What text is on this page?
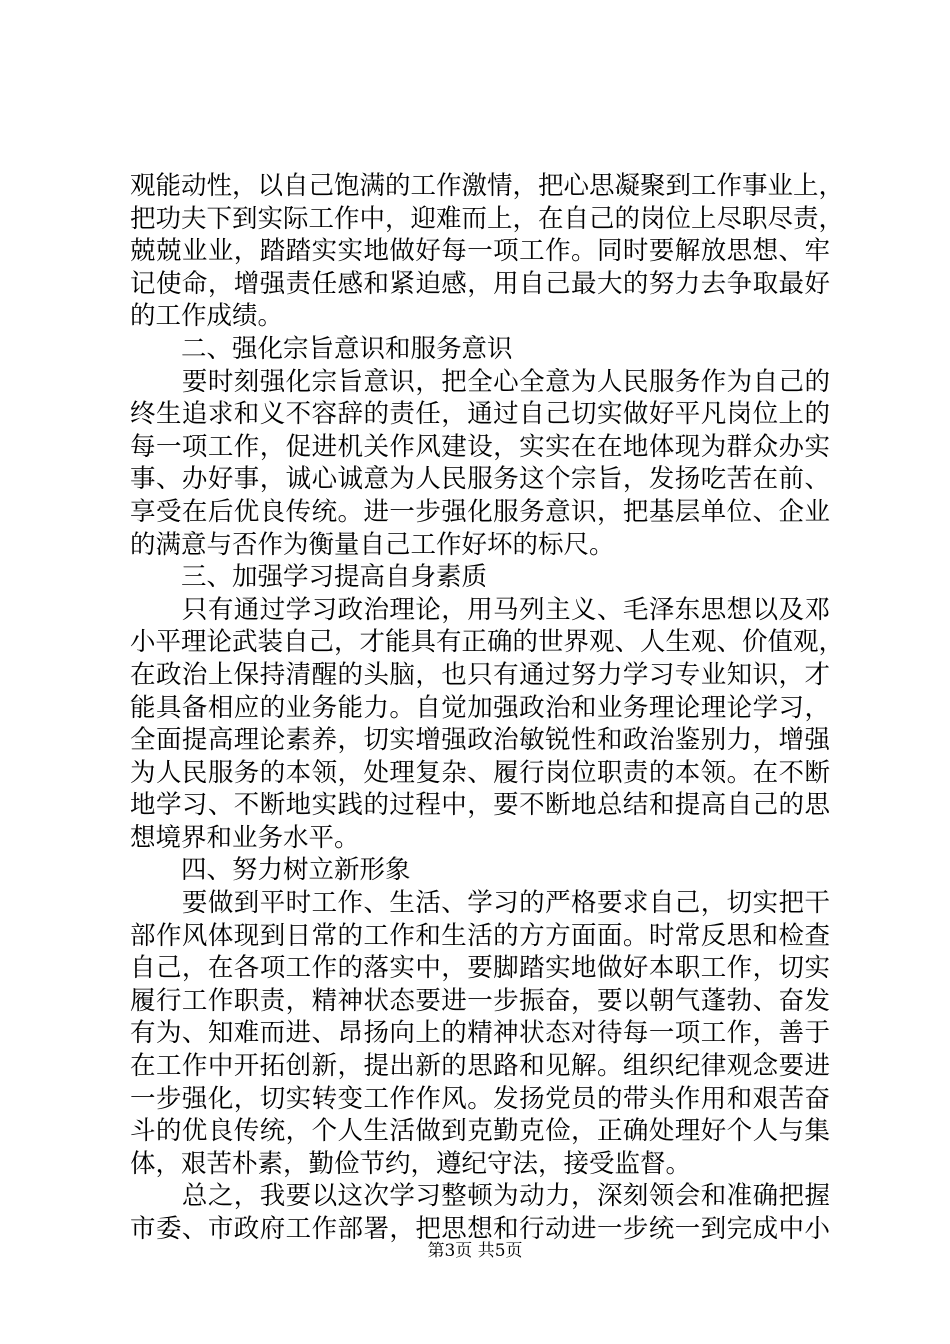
观能动性，以自己饱满的工作激情，把心思凝聚到工作事业上，
把功夫下到实际工作中，迎难而上，在自己的岗位上尽职尽责，
兢兢业业，踏踏实实地做好每一项工作。同时要解放思想、牢
记使命，增强责任感和紧迫感，用自己最大的努力去争取最好
的工作成绩。
　　二、强化宗旨意识和服务意识
　　要时刻强化宗旨意识，把全心全意为人民服务作为自己的
终生追求和义不容辞的责任，通过自己切实做好平凡岗位上的
每一项工作，促进机关作风建设，实实在在地体现为群众办实
事、办好事，诚心诚意为人民服务这个宗旨，发扬吃苦在前、
享受在后优良传统。进一步强化服务意识，把基层单位、企业
的满意与否作为衡量自己工作好坏的标尺。
　　三、加强学习提高自身素质
　　只有通过学习政治理论，用马列主义、毛泽东思想以及邓
小平理论武装自己，才能具有正确的世界观、人生观、价值观，
在政治上保持清醒的头脑，也只有通过努力学习专业知识，才
能具备相应的业务能力。自觉加强政治和业务理论理论学习，
全面提高理论素养，切实增强政治敏锐性和政治鉴别力，增强
为人民服务的本领，处理复杂、履行岗位职责的本领。在不断
地学习、不断地实践的过程中，要不断地总结和提高自己的思
想境界和业务水平。
　　四、努力树立新形象
　　要做到平时工作、生活、学习的严格要求自己，切实把干
部作风体现到日常的工作和生活的方方面面。时常反思和检查
自己，在各项工作的落实中，要脚踏实地做好本职工作，切实
履行工作职责，精神状态要进一步振奋，要以朝气蓬勃、奋发
有为、知难而进、昂扬向上的精神状态对待每一项工作，善于
在工作中开拓创新，提出新的思路和见解。组织纪律观念要进
一步强化，切实转变工作作风。发扬党员的带头作用和艰苦奋
斗的优良传统，个人生活做到克勤克俭，正确处理好个人与集
体，艰苦朴素，勤俭节约，遵纪守法，接受监督。
　　总之，我要以这次学习整顿为动力，深刻领会和准确把握
市委、市政府工作部署，把思想和行动进一步统一到完成中小
第3页 共5页
